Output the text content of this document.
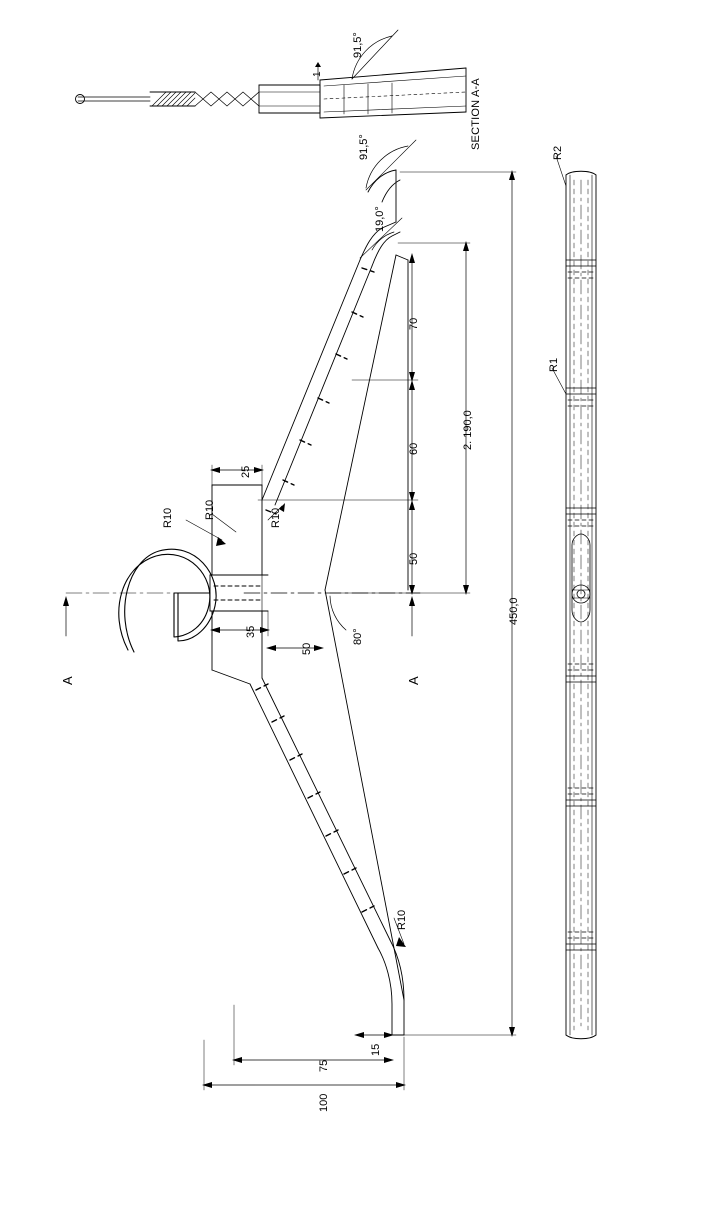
SECTION A-A
91,5°
1
450,0
2. 190,0
70
60
50
35
50
25
100
75
15
91,5°
19,0°
80°
R10	R10	R10
R10
R2
R1
A	A
